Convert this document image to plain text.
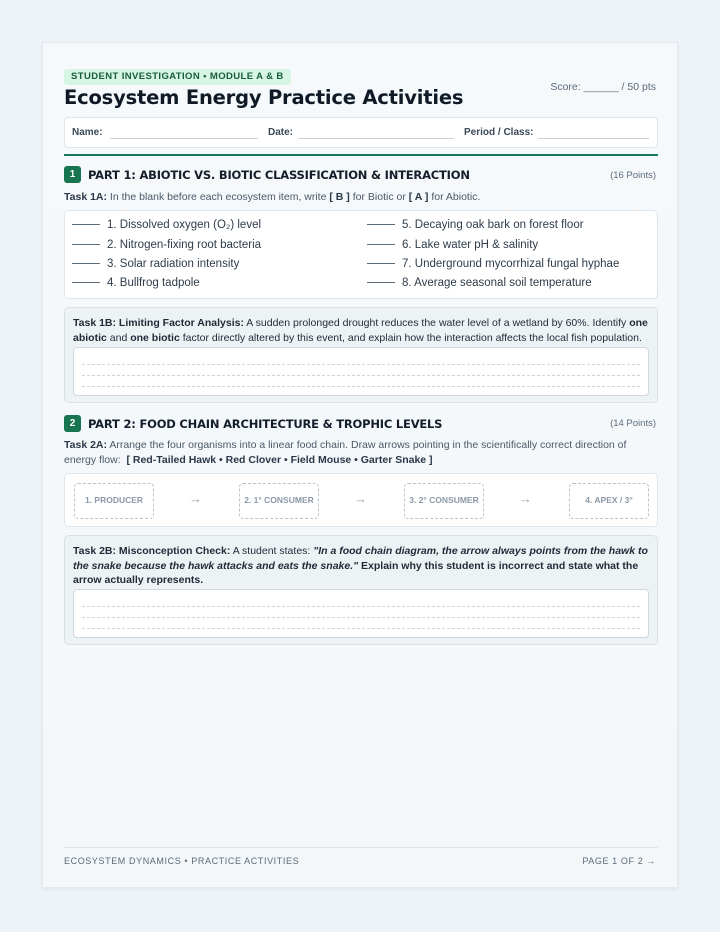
STUDENT INVESTIGATION • MODULE A & B
Ecosystem Energy Practice Activities	Score: ______ / 50 pts
Name:	Date:	Period / Class:
1	PART 1: ABIOTIC VS. BIOTIC CLASSIFICATION & INTERACTION	(16 Points)
Task 1A: In the blank before each ecosystem item, write [ B ] for Biotic or [ A ] for Abiotic.
1. Dissolved oxygen (O₂) level
2. Nitrogen-fixing root bacteria
3. Solar radiation intensity
4. Bullfrog tadpole
5. Decaying oak bark on forest floor
6. Lake water pH & salinity
7. Underground mycorrhizal fungal hyphae
8. Average seasonal soil temperature
Task 1B: Limiting Factor Analysis: A sudden prolonged drought reduces the water level of a wetland by 60%. Identify one abiotic and one biotic factor directly altered by this event, and explain how the interaction affects the local fish population.
2	PART 2: FOOD CHAIN ARCHITECTURE & TROPHIC LEVELS	(14 Points)
Task 2A: Arrange the four organisms into a linear food chain. Draw arrows pointing in the scientifically correct direction of energy flow: [ Red-Tailed Hawk • Red Clover • Field Mouse • Garter Snake ]
1. PRODUCER	→	2. 1° CONSUMER	→	3. 2° CONSUMER	→	4. APEX / 3°
Task 2B: Misconception Check: A student states: "In a food chain diagram, the arrow always points from the hawk to the snake because the hawk attacks and eats the snake." Explain why this student is incorrect and state what the arrow actually represents.
ECOSYSTEM DYNAMICS • PRACTICE ACTIVITIES	PAGE 1 OF 2 →
